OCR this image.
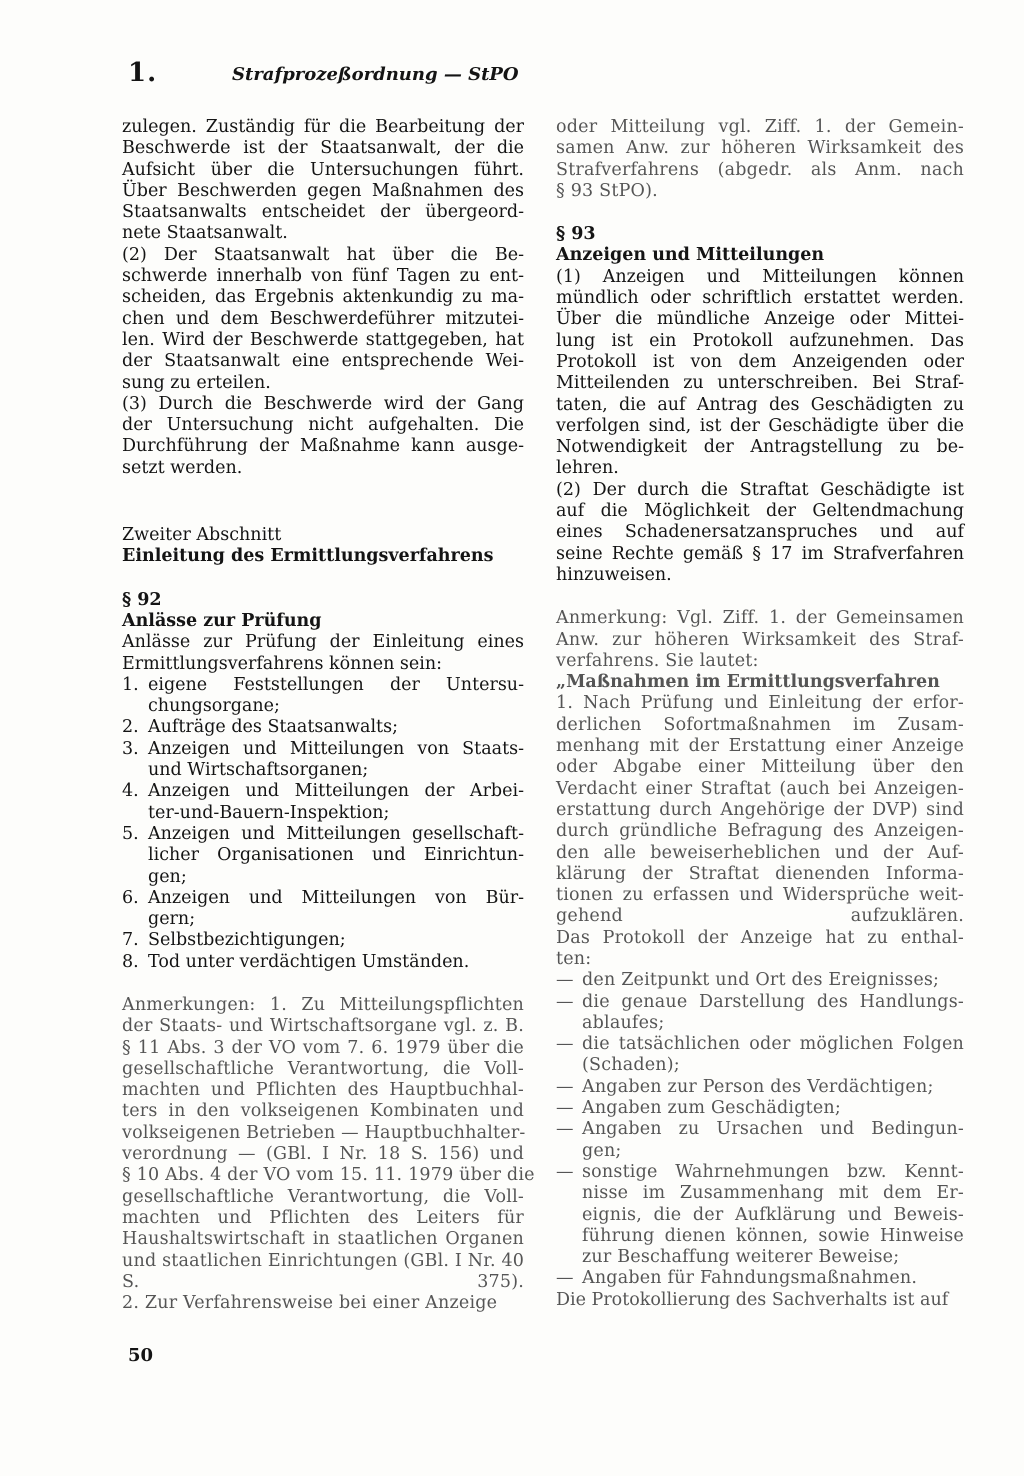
1.	Strafprozeßordnung — StPO
zulegen. Zuständig für die Bearbeitung der
Beschwerde ist der Staatsanwalt, der die
Aufsicht über die Untersuchungen führt.
Über Beschwerden gegen Maßnahmen des
Staatsanwalts entscheidet der übergeord-
nete Staatsanwalt.
(2) Der Staatsanwalt hat über die Be-
schwerde innerhalb von fünf Tagen zu ent-
scheiden, das Ergebnis aktenkundig zu ma-
chen und dem Beschwerdeführer mitzutei-
len. Wird der Beschwerde stattgegeben, hat
der Staatsanwalt eine entsprechende Wei-
sung zu erteilen.
(3) Durch die Beschwerde wird der Gang
der Untersuchung nicht aufgehalten. Die
Durchführung der Maßnahme kann ausge-
setzt werden.
Zweiter Abschnitt
Einleitung des Ermittlungsverfahrens
§ 92
Anlässe zur Prüfung
Anlässe zur Prüfung der Einleitung eines
Ermittlungsverfahrens können sein:
1. eigene Feststellungen der Untersu-
chungsorgane;
2. Aufträge des Staatsanwalts;
3. Anzeigen und Mitteilungen von Staats-
und Wirtschaftsorganen;
4. Anzeigen und Mitteilungen der Arbei-
ter-und-Bauern-Inspektion;
5. Anzeigen und Mitteilungen gesellschaft-
licher Organisationen und Einrichtun-
gen;
6. Anzeigen und Mitteilungen von Bür-
gern;
7. Selbstbezichtigungen;
8. Tod unter verdächtigen Umständen.
Anmerkungen: 1. Zu Mitteilungspflichten
der Staats- und Wirtschaftsorgane vgl. z. B.
§ 11 Abs. 3 der VO vom 7. 6. 1979 über die
gesellschaftliche Verantwortung, die Voll-
machten und Pflichten des Hauptbuchhal-
ters in den volkseigenen Kombinaten und
volkseigenen Betrieben — Hauptbuchhalter-
verordnung — (GBl. I Nr. 18 S. 156) und
§ 10 Abs. 4 der VO vom 15. 11. 1979 über die
gesellschaftliche Verantwortung, die Voll-
machten und Pflichten des Leiters für
Haushaltswirtschaft in staatlichen Organen
und staatlichen Einrichtungen (GBl. I Nr. 40
S. 375).
2. Zur Verfahrensweise bei einer Anzeige
oder Mitteilung vgl. Ziff. 1. der Gemein-
samen Anw. zur höheren Wirksamkeit des
Strafverfahrens (abgedr. als Anm. nach
§ 93 StPO).
§ 93
Anzeigen und Mitteilungen
(1) Anzeigen und Mitteilungen können
mündlich oder schriftlich erstattet werden.
Über die mündliche Anzeige oder Mittei-
lung ist ein Protokoll aufzunehmen. Das
Protokoll ist von dem Anzeigenden oder
Mitteilenden zu unterschreiben. Bei Straf-
taten, die auf Antrag des Geschädigten zu
verfolgen sind, ist der Geschädigte über die
Notwendigkeit der Antragstellung zu be-
lehren.
(2) Der durch die Straftat Geschädigte ist
auf die Möglichkeit der Geltendmachung
eines Schadenersatzanspruches und auf
seine Rechte gemäß § 17 im Strafverfahren
hinzuweisen.
Anmerkung: Vgl. Ziff. 1. der Gemeinsamen
Anw. zur höheren Wirksamkeit des Straf-
verfahrens. Sie lautet:
„Maßnahmen im Ermittlungsverfahren
1. Nach Prüfung und Einleitung der erfor-
derlichen Sofortmaßnahmen im Zusam-
menhang mit der Erstattung einer Anzeige
oder Abgabe einer Mitteilung über den
Verdacht einer Straftat (auch bei Anzeigen-
erstattung durch Angehörige der DVP) sind
durch gründliche Befragung des Anzeigen-
den alle beweiserheblichen und der Auf-
klärung der Straftat dienenden Informa-
tionen zu erfassen und Widersprüche weit-
gehend aufzuklären.
Das Protokoll der Anzeige hat zu enthal-
ten:
— den Zeitpunkt und Ort des Ereignisses;
— die genaue Darstellung des Handlungs-
ablaufes;
— die tatsächlichen oder möglichen Folgen
(Schaden);
— Angaben zur Person des Verdächtigen;
— Angaben zum Geschädigten;
— Angaben zu Ursachen und Bedingun-
gen;
— sonstige Wahrnehmungen bzw. Kennt-
nisse im Zusammenhang mit dem Er-
eignis, die der Aufklärung und Beweis-
führung dienen können, sowie Hinweise
zur Beschaffung weiterer Beweise;
— Angaben für Fahndungsmaßnahmen.
Die Protokollierung des Sachverhalts ist auf
50
